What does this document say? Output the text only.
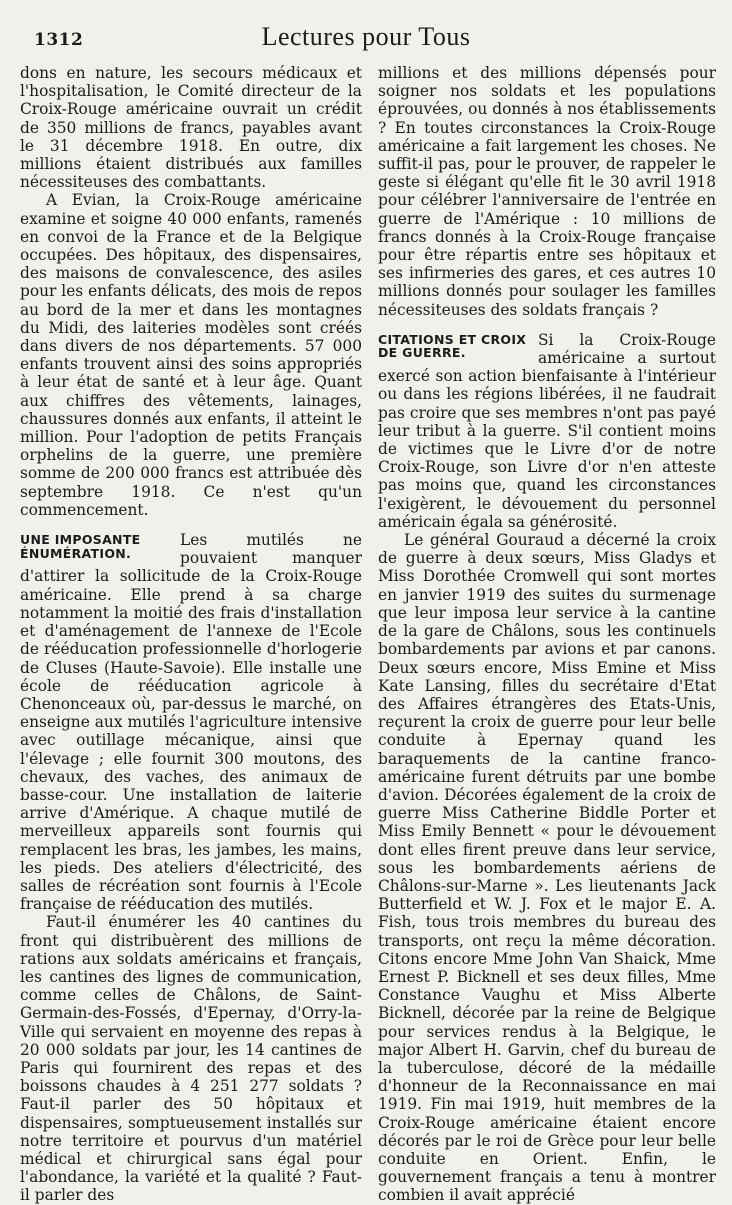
1312	Lectures pour Tous

dons en nature, les secours médicaux et l'hospitalisation, le Comité directeur de la Croix-Rouge américaine ouvrait un crédit de 350 millions de francs, payables avant le 31 décembre 1918. En outre, dix millions étaient distribués aux familles nécessiteuses des combattants.

A Evian, la Croix-Rouge américaine examine et soigne 40 000 enfants, ramenés en convoi de la France et de la Belgique occupées. Des hôpitaux, des dispensaires, des maisons de convalescence, des asiles pour les enfants délicats, des mois de repos au bord de la mer et dans les montagnes du Midi, des laiteries modèles sont créés dans divers de nos départements. 57 000 enfants trouvent ainsi des soins appropriés à leur état de santé et à leur âge. Quant aux chiffres des vêtements, lainages, chaussures donnés aux enfants, il atteint le million. Pour l'adoption de petits Français orphelins de la guerre, une première somme de 200 000 francs est attribuée dès septembre 1918. Ce n'est qu'un commencement.

UNE IMPOSANTE ÉNUMÉRATION.

Les mutilés ne pouvaient manquer d'attirer la sollicitude de la Croix-Rouge américaine. Elle prend à sa charge notamment la moitié des frais d'installation et d'aménagement de l'annexe de l'Ecole de rééducation professionnelle d'horlogerie de Cluses (Haute-Savoie). Elle installe une école de rééducation agricole à Chenonceaux où, par-dessus le marché, on enseigne aux mutilés l'agriculture intensive avec outillage mécanique, ainsi que l'élevage ; elle fournit 300 moutons, des chevaux, des vaches, des animaux de basse-cour. Une installation de laiterie arrive d'Amérique. A chaque mutilé de merveilleux appareils sont fournis qui remplacent les bras, les jambes, les mains, les pieds. Des ateliers d'électricité, des salles de récréation sont fournis à l'Ecole française de rééducation des mutilés.

Faut-il énumérer les 40 cantines du front qui distribuèrent des millions de rations aux soldats américains et français, les cantines des lignes de communication, comme celles de Châlons, de Saint-Germain-des-Fossés, d'Epernay, d'Orry-la-Ville qui servaient en moyenne des repas à 20 000 soldats par jour, les 14 cantines de Paris qui fournirent des repas et des boissons chaudes à 4 251 277 soldats ? Faut-il parler des 50 hôpitaux et dispensaires, somptueusement installés sur notre territoire et pourvus d'un matériel médical et chirurgical sans égal pour l'abondance, la variété et la qualité ? Faut-il parler des

millions et des millions dépensés pour soigner nos soldats et les populations éprouvées, ou donnés à nos établissements ? En toutes circonstances la Croix-Rouge américaine a fait largement les choses. Ne suffit-il pas, pour le prouver, de rappeler le geste si élégant qu'elle fit le 30 avril 1918 pour célébrer l'anniversaire de l'entrée en guerre de l'Amérique : 10 millions de francs donnés à la Croix-Rouge française pour être répartis entre ses hôpitaux et ses infirmeries des gares, et ces autres 10 millions donnés pour soulager les familles nécessiteuses des soldats français ?

CITATIONS ET CROIX DE GUERRE.

Si la Croix-Rouge américaine a surtout exercé son action bienfaisante à l'intérieur ou dans les régions libérées, il ne faudrait pas croire que ses membres n'ont pas payé leur tribut à la guerre. S'il contient moins de victimes que le Livre d'or de notre Croix-Rouge, son Livre d'or n'en atteste pas moins que, quand les circonstances l'exigèrent, le dévouement du personnel américain égala sa générosité.

Le général Gouraud a décerné la croix de guerre à deux sœurs, Miss Gladys et Miss Dorothée Cromwell qui sont mortes en janvier 1919 des suites du surmenage que leur imposa leur service à la cantine de la gare de Châlons, sous les continuels bombardements par avions et par canons. Deux sœurs encore, Miss Emine et Miss Kate Lansing, filles du secrétaire d'Etat des Affaires étrangères des Etats-Unis, reçurent la croix de guerre pour leur belle conduite à Epernay quand les baraquements de la cantine franco-américaine furent détruits par une bombe d'avion. Décorées également de la croix de guerre Miss Catherine Biddle Porter et Miss Emily Bennett « pour le dévouement dont elles firent preuve dans leur service, sous les bombardements aériens de Châlons-sur-Marne ». Les lieutenants Jack Butterfield et W. J. Fox et le major E. A. Fish, tous trois membres du bureau des transports, ont reçu la même décoration. Citons encore Mme John Van Shaick, Mme Ernest P. Bicknell et ses deux filles, Mme Constance Vaughu et Miss Alberte Bicknell, décorée par la reine de Belgique pour services rendus à la Belgique, le major Albert H. Garvin, chef du bureau de la tuberculose, décoré de la médaille d'honneur de la Reconnaissance en mai 1919. Fin mai 1919, huit membres de la Croix-Rouge américaine étaient encore décorés par le roi de Grèce pour leur belle conduite en Orient. Enfin, le gouvernement français a tenu à montrer combien il avait apprécié
